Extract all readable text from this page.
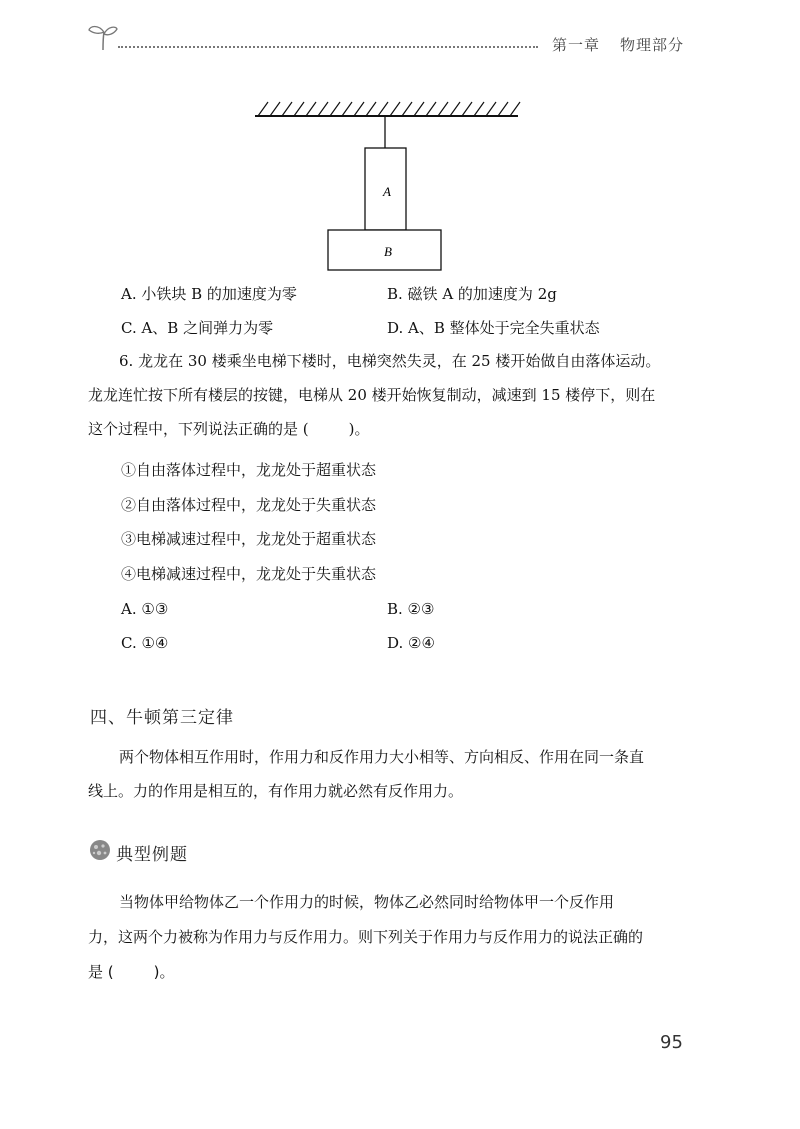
第一章 物理部分
A
B
A. 小铁块 B 的加速度为零	B. 磁铁 A 的加速度为 2g
C. A、B 之间弹力为零	D. A、B 整体处于完全失重状态
6. 龙龙在 30 楼乘坐电梯下楼时，电梯突然失灵，在 25 楼开始做自由落体运动。
龙龙连忙按下所有楼层的按键，电梯从 20 楼开始恢复制动，减速到 15 楼停下，则在
这个过程中，下列说法正确的是 (	)。
①自由落体过程中，龙龙处于超重状态
②自由落体过程中，龙龙处于失重状态
③电梯减速过程中，龙龙处于超重状态
④电梯减速过程中，龙龙处于失重状态
A. ①③	B. ②③
C. ①④	D. ②④
四、牛顿第三定律
两个物体相互作用时，作用力和反作用力大小相等、方向相反、作用在同一条直
线上。力的作用是相互的，有作用力就必然有反作用力。
典型例题
当物体甲给物体乙一个作用力的时候，物体乙必然同时给物体甲一个反作用
力，这两个力被称为作用力与反作用力。则下列关于作用力与反作用力的说法正确的
是 (	)。
95
